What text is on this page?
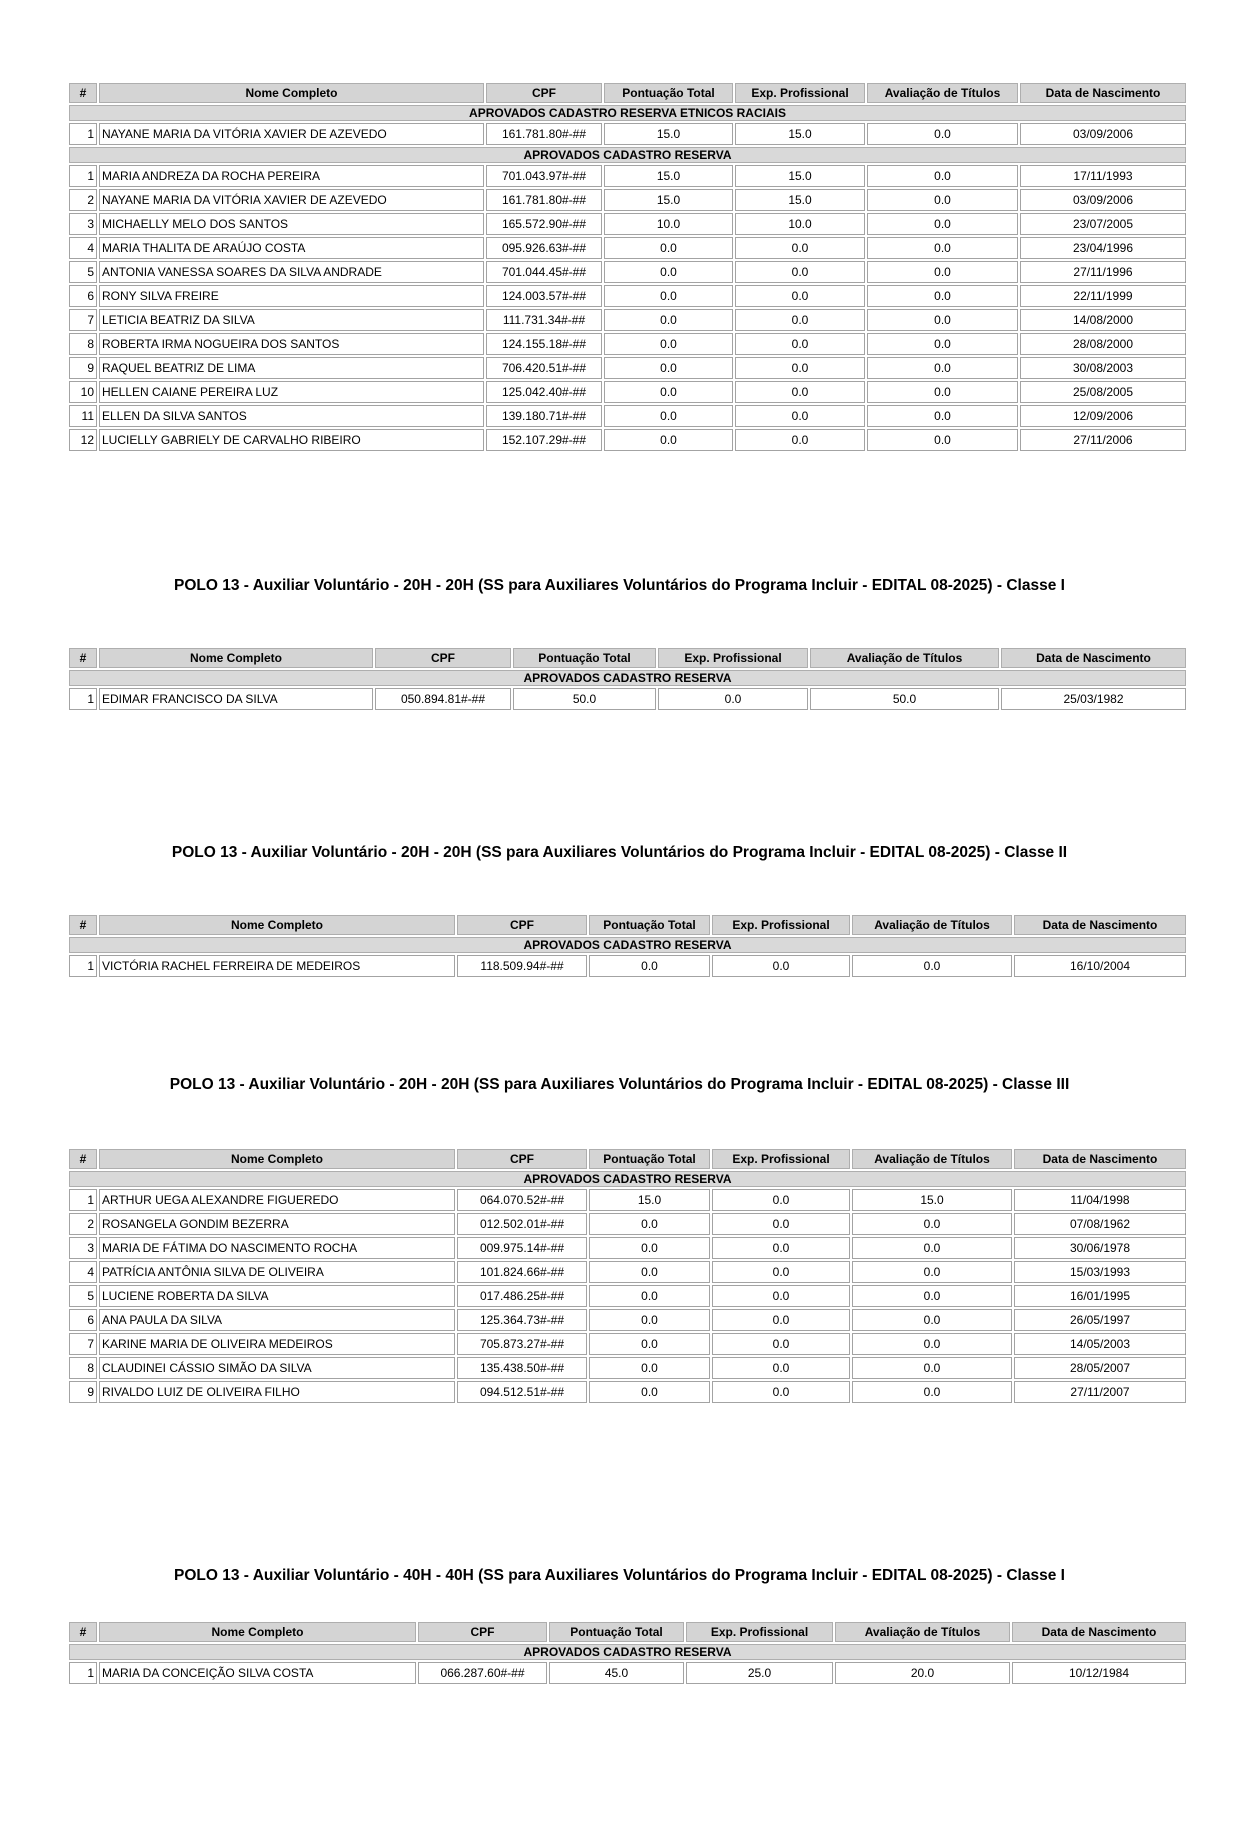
#	Nome Completo	CPF	Pontuação Total	Exp. Profissional	Avaliação de Títulos	Data de Nascimento
APROVADOS CADASTRO RESERVA ETNICOS RACIAIS						
1	NAYANE MARIA DA VITÓRIA XAVIER DE AZEVEDO	161.781.80#-##	15.0	15.0	0.0	03/09/2006
APROVADOS CADASTRO RESERVA						
1	MARIA ANDREZA DA ROCHA PEREIRA	701.043.97#-##	15.0	15.0	0.0	17/11/1993
2	NAYANE MARIA DA VITÓRIA XAVIER DE AZEVEDO	161.781.80#-##	15.0	15.0	0.0	03/09/2006
3	MICHAELLY MELO DOS SANTOS	165.572.90#-##	10.0	10.0	0.0	23/07/2005
4	MARIA THALITA DE ARAÚJO COSTA	095.926.63#-##	0.0	0.0	0.0	23/04/1996
5	ANTONIA VANESSA SOARES DA SILVA ANDRADE	701.044.45#-##	0.0	0.0	0.0	27/11/1996
6	RONY SILVA FREIRE	124.003.57#-##	0.0	0.0	0.0	22/11/1999
7	LETICIA BEATRIZ DA SILVA	111.731.34#-##	0.0	0.0	0.0	14/08/2000
8	ROBERTA IRMA NOGUEIRA DOS SANTOS	124.155.18#-##	0.0	0.0	0.0	28/08/2000
9	RAQUEL BEATRIZ DE LIMA	706.420.51#-##	0.0	0.0	0.0	30/08/2003
10	HELLEN CAIANE PEREIRA LUZ	125.042.40#-##	0.0	0.0	0.0	25/08/2005
11	ELLEN DA SILVA SANTOS	139.180.71#-##	0.0	0.0	0.0	12/09/2006
12	LUCIELLY GABRIELY DE CARVALHO RIBEIRO	152.107.29#-##	0.0	0.0	0.0	27/11/2006
POLO 13 - Auxiliar Voluntário - 20H - 20H (SS para Auxiliares Voluntários do Programa Incluir - EDITAL 08-2025) - Classe I
#	Nome Completo	CPF	Pontuação Total	Exp. Profissional	Avaliação de Títulos	Data de Nascimento
APROVADOS CADASTRO RESERVA						
1	EDIMAR FRANCISCO DA SILVA	050.894.81#-##	50.0	0.0	50.0	25/03/1982
POLO 13 - Auxiliar Voluntário - 20H - 20H (SS para Auxiliares Voluntários do Programa Incluir - EDITAL 08-2025) - Classe II
#	Nome Completo	CPF	Pontuação Total	Exp. Profissional	Avaliação de Títulos	Data de Nascimento
APROVADOS CADASTRO RESERVA						
1	VICTÓRIA RACHEL FERREIRA DE MEDEIROS	118.509.94#-##	0.0	0.0	0.0	16/10/2004
POLO 13 - Auxiliar Voluntário - 20H - 20H (SS para Auxiliares Voluntários do Programa Incluir - EDITAL 08-2025) - Classe III
#	Nome Completo	CPF	Pontuação Total	Exp. Profissional	Avaliação de Títulos	Data de Nascimento
APROVADOS CADASTRO RESERVA						
1	ARTHUR UEGA ALEXANDRE FIGUEREDO	064.070.52#-##	15.0	0.0	15.0	11/04/1998
2	ROSANGELA GONDIM BEZERRA	012.502.01#-##	0.0	0.0	0.0	07/08/1962
3	MARIA DE FÁTIMA DO NASCIMENTO ROCHA	009.975.14#-##	0.0	0.0	0.0	30/06/1978
4	PATRÍCIA ANTÔNIA SILVA DE OLIVEIRA	101.824.66#-##	0.0	0.0	0.0	15/03/1993
5	LUCIENE ROBERTA DA SILVA	017.486.25#-##	0.0	0.0	0.0	16/01/1995
6	ANA PAULA DA SILVA	125.364.73#-##	0.0	0.0	0.0	26/05/1997
7	KARINE MARIA DE OLIVEIRA MEDEIROS	705.873.27#-##	0.0	0.0	0.0	14/05/2003
8	CLAUDINEI CÁSSIO SIMÃO DA SILVA	135.438.50#-##	0.0	0.0	0.0	28/05/2007
9	RIVALDO LUIZ DE OLIVEIRA FILHO	094.512.51#-##	0.0	0.0	0.0	27/11/2007
POLO 13 - Auxiliar Voluntário - 40H - 40H (SS para Auxiliares Voluntários do Programa Incluir - EDITAL 08-2025) - Classe I
#	Nome Completo	CPF	Pontuação Total	Exp. Profissional	Avaliação de Títulos	Data de Nascimento
APROVADOS CADASTRO RESERVA						
1	MARIA DA CONCEIÇÃO SILVA COSTA	066.287.60#-##	45.0	25.0	20.0	10/12/1984
